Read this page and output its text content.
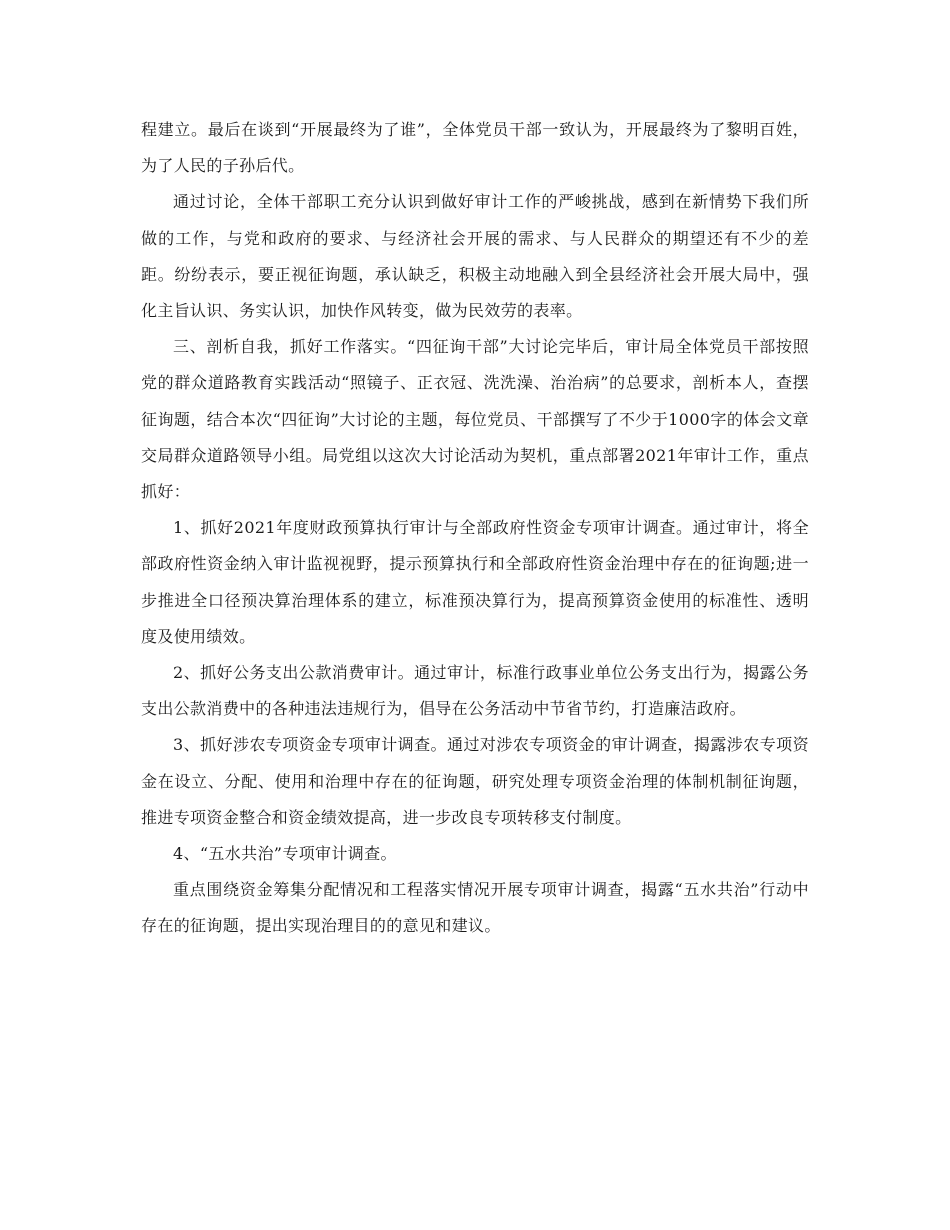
程建立。最后在谈到“开展最终为了谁”，全体党员干部一致认为，开展最终为了黎明百姓，为了人民的子孙后代。

通过讨论，全体干部职工充分认识到做好审计工作的严峻挑战，感到在新情势下我们所做的工作，与党和政府的要求、与经济社会开展的需求、与人民群众的期望还有不少的差距。纷纷表示，要正视征询题，承认缺乏，积极主动地融入到全县经济社会开展大局中，强化主旨认识、务实认识，加快作风转变，做为民效劳的表率。

三、剖析自我，抓好工作落实。“四征询干部”大讨论完毕后，审计局全体党员干部按照党的群众道路教育实践活动“照镜子、正衣冠、洗洗澡、治治病”的总要求，剖析本人，查摆征询题，结合本次“四征询”大讨论的主题，每位党员、干部撰写了不少于1000字的体会文章交局群众道路领导小组。局党组以这次大讨论活动为契机，重点部署2021年审计工作，重点抓好：

1、抓好2021年度财政预算执行审计与全部政府性资金专项审计调查。通过审计，将全部政府性资金纳入审计监视视野，提示预算执行和全部政府性资金治理中存在的征询题;进一步推进全口径预决算治理体系的建立，标准预决算行为，提高预算资金使用的标准性、透明度及使用绩效。

2、抓好公务支出公款消费审计。通过审计，标准行政事业单位公务支出行为，揭露公务支出公款消费中的各种违法违规行为，倡导在公务活动中节省节约，打造廉洁政府。

3、抓好涉农专项资金专项审计调查。通过对涉农专项资金的审计调查，揭露涉农专项资金在设立、分配、使用和治理中存在的征询题，研究处理专项资金治理的体制机制征询题，推进专项资金整合和资金绩效提高，进一步改良专项转移支付制度。

4、“五水共治”专项审计调查。

重点围绕资金筹集分配情况和工程落实情况开展专项审计调查，揭露“五水共治”行动中存在的征询题，提出实现治理目的的意见和建议。
